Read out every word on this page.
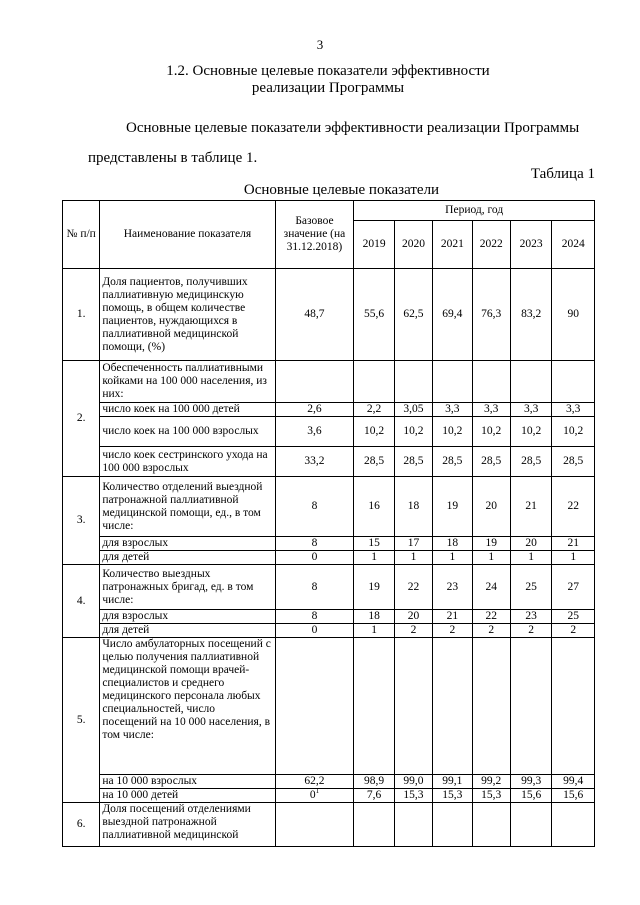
3
1.2. Основные целевые показатели эффективности
реализации Программы
Основные целевые показатели эффективности реализации Программы
представлены в таблице 1.
Таблица 1
Основные целевые показатели
№ п/п	Наименование показателя	Базовое значение (на 31.12.2018)	Период, год					
			2019	2020	2021	2022	2023	2024
1.	Доля пациентов, получивших паллиативную медицинскую помощь, в общем количестве пациентов, нуждающихся в паллиативной медицинской помощи, (%)	48,7	55,6	62,5	69,4	76,3	83,2	90
2.	Обеспеченность паллиативными койками на 100 000 населения, из них:							
	число коек на 100 000 детей	2,6	2,2	3,05	3,3	3,3	3,3	3,3
	число коек на 100 000 взрослых	3,6	10,2	10,2	10,2	10,2	10,2	10,2
	число коек сестринского ухода на 100 000 взрослых	33,2	28,5	28,5	28,5	28,5	28,5	28,5
3.	Количество отделений выездной патронажной паллиативной медицинской помощи, ед., в том числе:	8	16	18	19	20	21	22
	для взрослых	8	15	17	18	19	20	21
	для детей	0	1	1	1	1	1	1
4.	Количество выездных патронажных бригад, ед. в том числе:	8	19	22	23	24	25	27
	для взрослых	8	18	20	21	22	23	25
	для детей	0	1	2	2	2	2	2
5.	Число амбулаторных посещений с целью получения паллиативной медицинской помощи врачей-специалистов и среднего медицинского персонала любых специальностей, число посещений на 10 000 населения, в том числе:							
	на 10 000 взрослых	62,2	98,9	99,0	99,1	99,2	99,3	99,4
	на 10 000 детей	$0^1$	7,6	15,3	15,3	15,3	15,6	15,6
6.	Доля посещений отделениями выездной патронажной паллиативной медицинской							
